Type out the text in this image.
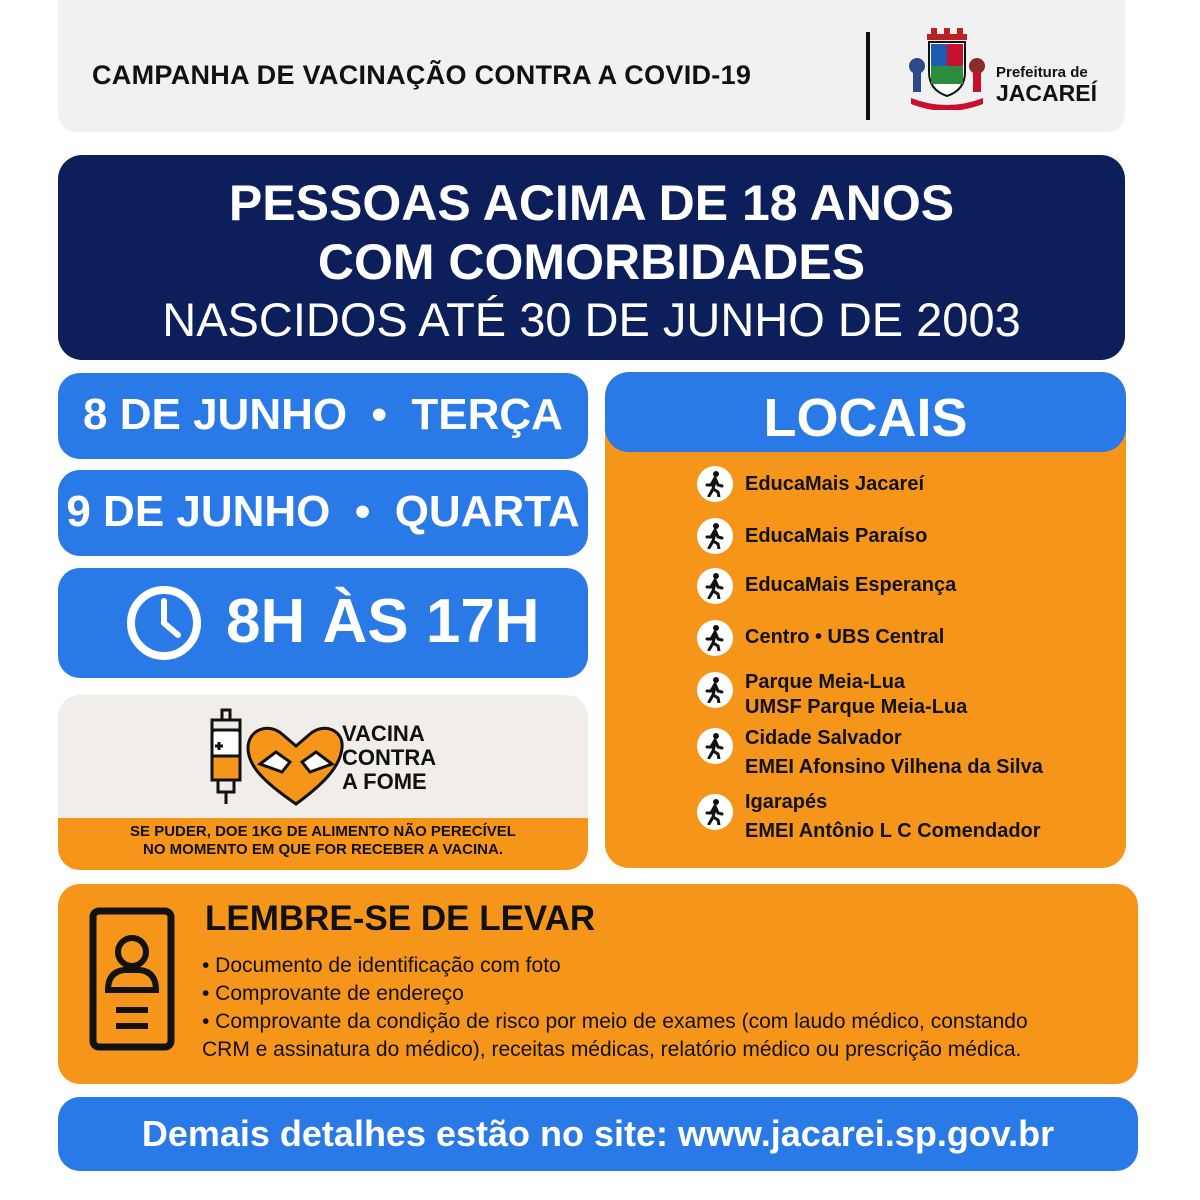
CAMPANHA DE VACINAÇÃO CONTRA A COVID-19	Prefeitura de
JACAREÍ
PESSOAS ACIMA DE 18 ANOS
COM COMORBIDADES
NASCIDOS ATÉ 30 DE JUNHO DE 2003
8 DE JUNHO  •  TERÇA
9 DE JUNHO  •  QUARTA
8H ÀS 17H
VACINA
CONTRA
A FOME
SE PUDER, DOE 1KG DE ALIMENTO NÃO PERECÍVEL
NO MOMENTO EM QUE FOR RECEBER A VACINA.
LOCAIS
EducaMais Jacareí
EducaMais Paraíso
EducaMais Esperança
Centro • UBS Central
Parque Meia-Lua
UMSF Parque Meia-Lua
Cidade Salvador
EMEI Afonsino Vilhena da Silva
Igarapés
EMEI Antônio L C Comendador
LEMBRE-SE DE LEVAR
• Documento de identificação com foto
• Comprovante de endereço
• Comprovante da condição de risco por meio de exames (com laudo médico, constando
CRM e assinatura do médico), receitas médicas, relatório médico ou prescrição médica.
Demais detalhes estão no site: www.jacarei.sp.gov.br
